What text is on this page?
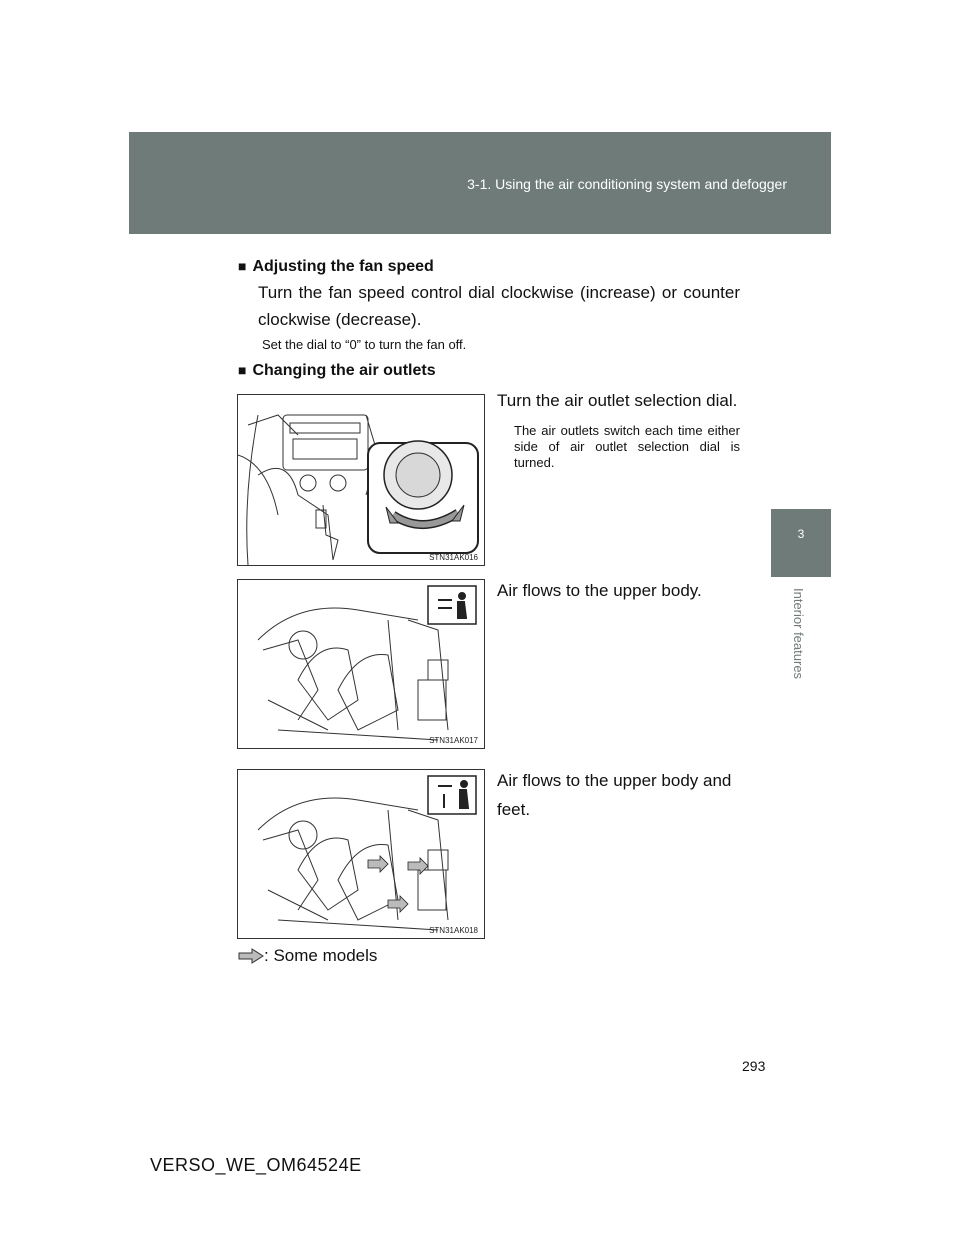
3-1. Using the air conditioning system and defogger
3
Interior features
■ Adjusting the fan speed
Turn the fan speed control dial clockwise (increase) or counter clockwise (decrease).
Set the dial to “0” to turn the fan off.
■ Changing the air outlets
STN31AK016
Turn the air outlet selection dial.
The air outlets switch each time either side of air outlet selection dial is turned.
STN31AK017
Air flows to the upper body.
STN31AK018
Air flows to the upper body and feet.
: Some models
293
VERSO_WE_OM64524E
